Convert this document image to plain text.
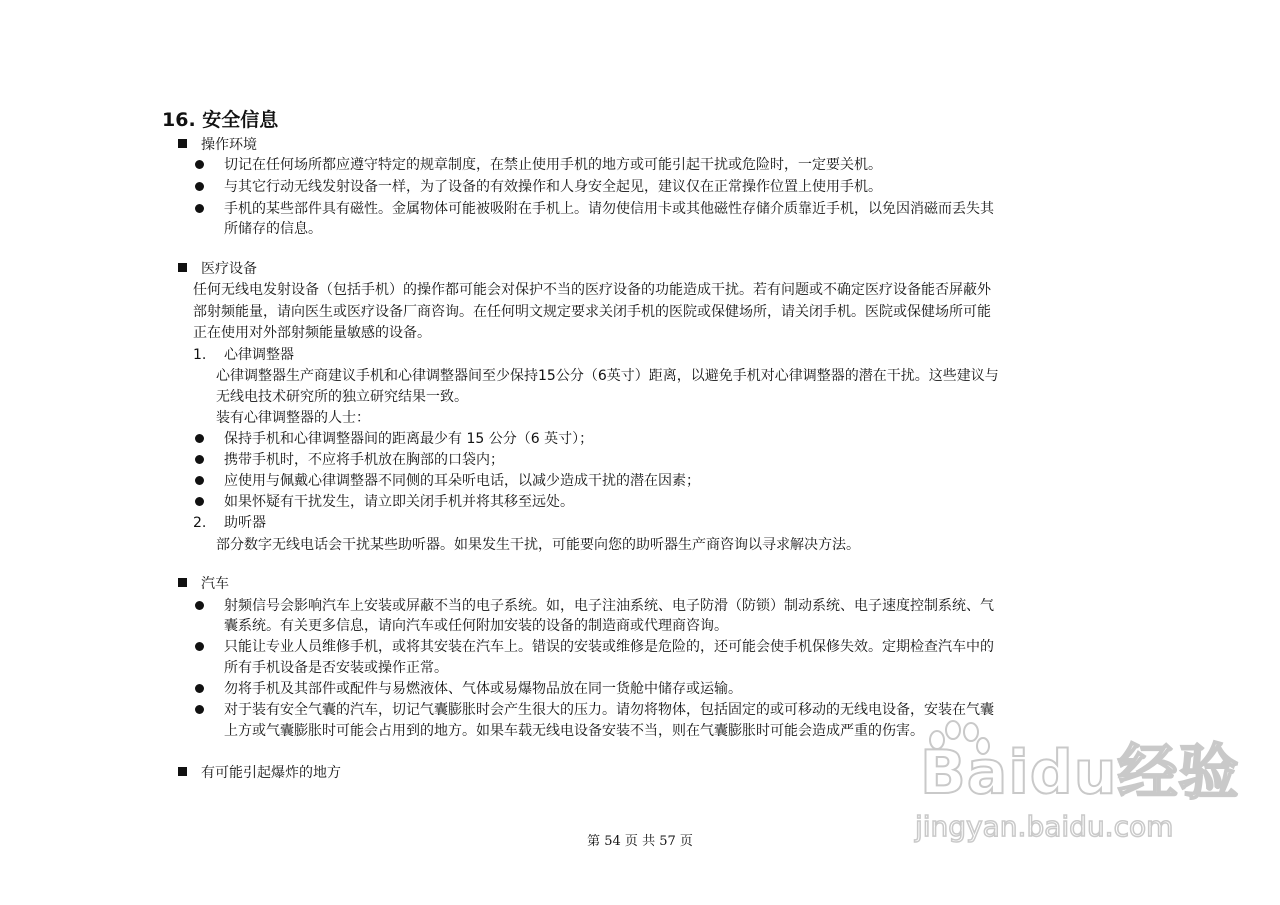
16. 安全信息
操作环境
切记在任何场所都应遵守特定的规章制度，在禁止使用手机的地方或可能引起干扰或危险时，一定要关机。
与其它行动无线发射设备一样，为了设备的有效操作和人身安全起见，建议仅在正常操作位置上使用手机。
手机的某些部件具有磁性。金属物体可能被吸附在手机上。请勿使信用卡或其他磁性存储介质靠近手机，以免因消磁而丢失其
所储存的信息。
医疗设备
任何无线电发射设备（包括手机）的操作都可能会对保护不当的医疗设备的功能造成干扰。若有问题或不确定医疗设备能否屏蔽外
部射频能量，请向医生或医疗设备厂商咨询。在任何明文规定要求关闭手机的医院或保健场所，请关闭手机。医院或保健场所可能
正在使用对外部射频能量敏感的设备。
1. 心律调整器
心律调整器生产商建议手机和心律调整器间至少保持15公分（6英寸）距离，以避免手机对心律调整器的潜在干扰。这些建议与
无线电技术研究所的独立研究结果一致。
装有心律调整器的人士：
保持手机和心律调整器间的距离最少有 15 公分（6 英寸）；
携带手机时，不应将手机放在胸部的口袋内；
应使用与佩戴心律调整器不同侧的耳朵听电话，以减少造成干扰的潜在因素；
如果怀疑有干扰发生，请立即关闭手机并将其移至远处。
2. 助听器
部分数字无线电话会干扰某些助听器。如果发生干扰，可能要向您的助听器生产商咨询以寻求解决方法。
汽车
射频信号会影响汽车上安装或屏蔽不当的电子系统。如，电子注油系统、电子防滑（防锁）制动系统、电子速度控制系统、气
囊系统。有关更多信息，请向汽车或任何附加安装的设备的制造商或代理商咨询。
只能让专业人员维修手机，或将其安装在汽车上。错误的安装或维修是危险的，还可能会使手机保修失效。定期检查汽车中的
所有手机设备是否安装或操作正常。
勿将手机及其部件或配件与易燃液体、气体或易爆物品放在同一货舱中储存或运输。
对于装有安全气囊的汽车，切记气囊膨胀时会产生很大的压力。请勿将物体，包括固定的或可移动的无线电设备，安装在气囊
上方或气囊膨胀时可能会占用到的地方。如果车载无线电设备安装不当，则在气囊膨胀时可能会造成严重的伤害。
有可能引起爆炸的地方
第 54 页 共 57 页
Baidu经验
jingyan.baidu.com
